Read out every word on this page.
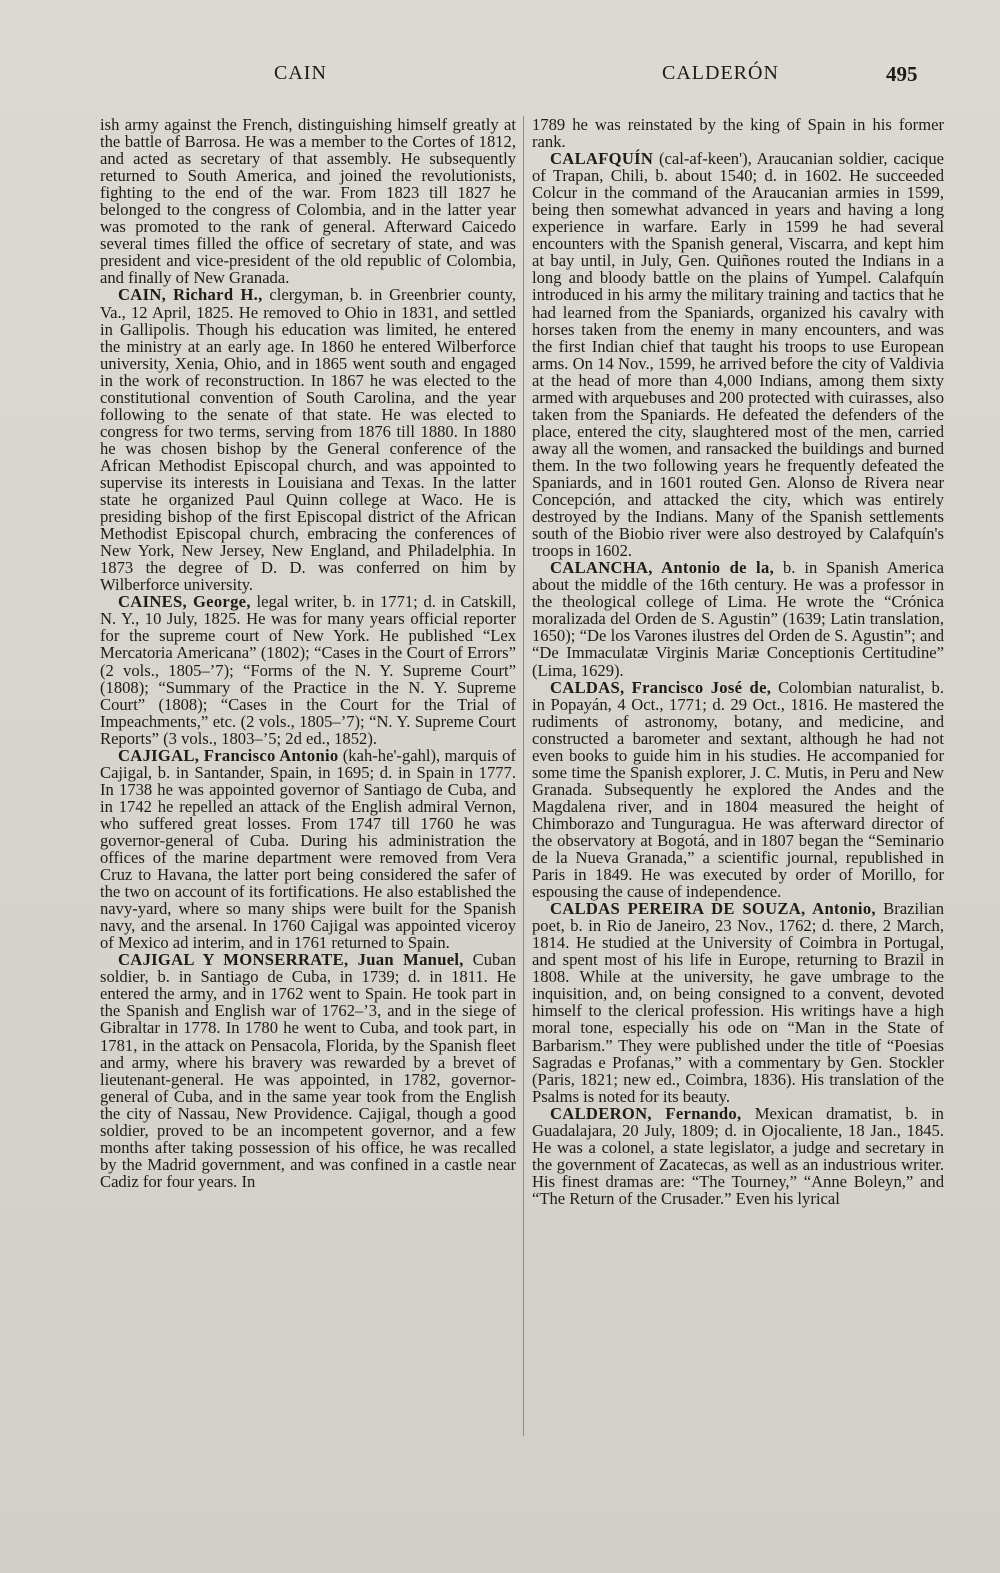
CAIN	CALDERÓN	495

ish army against the French, distinguishing himself greatly at the battle of Barrosa. He was a member to the Cortes of 1812, and acted as secretary of that assembly. He subsequently returned to South America, and joined the revolutionists, fighting to the end of the war. From 1823 till 1827 he belonged to the congress of Colombia, and in the latter year was promoted to the rank of general. Afterward Caicedo several times filled the office of secretary of state, and was president and vice-president of the old republic of Colombia, and finally of New Granada.

CAIN, Richard H., clergyman, b. in Greenbrier county, Va., 12 April, 1825. He removed to Ohio in 1831, and settled in Gallipolis. Though his education was limited, he entered the ministry at an early age. In 1860 he entered Wilberforce university, Xenia, Ohio, and in 1865 went south and engaged in the work of reconstruction. In 1867 he was elected to the constitutional convention of South Carolina, and the year following to the senate of that state. He was elected to congress for two terms, serving from 1876 till 1880. In 1880 he was chosen bishop by the General conference of the African Methodist Episcopal church, and was appointed to supervise its interests in Louisiana and Texas. In the latter state he organized Paul Quinn college at Waco. He is presiding bishop of the first Episcopal district of the African Methodist Episcopal church, embracing the conferences of New York, New Jersey, New England, and Philadelphia. In 1873 the degree of D. D. was conferred on him by Wilberforce university.

CAINES, George, legal writer, b. in 1771; d. in Catskill, N. Y., 10 July, 1825. He was for many years official reporter for the supreme court of New York. He published “Lex Mercatoria Americana” (1802); “Cases in the Court of Errors” (2 vols., 1805–’7); “Forms of the N. Y. Supreme Court” (1808); “Summary of the Practice in the N. Y. Supreme Court” (1808); “Cases in the Court for the Trial of Impeachments,” etc. (2 vols., 1805–’7); “N. Y. Supreme Court Reports” (3 vols., 1803–’5; 2d ed., 1852).

CAJIGAL, Francisco Antonio (kah-he'-gahl), marquis of Cajigal, b. in Santander, Spain, in 1695; d. in Spain in 1777. In 1738 he was appointed governor of Santiago de Cuba, and in 1742 he repelled an attack of the English admiral Vernon, who suffered great losses. From 1747 till 1760 he was governor-general of Cuba. During his administration the offices of the marine department were removed from Vera Cruz to Havana, the latter port being considered the safer of the two on account of its fortifications. He also established the navy-yard, where so many ships were built for the Spanish navy, and the arsenal. In 1760 Cajigal was appointed viceroy of Mexico ad interim, and in 1761 returned to Spain.

CAJIGAL Y MONSERRATE, Juan Manuel, Cuban soldier, b. in Santiago de Cuba, in 1739; d. in 1811. He entered the army, and in 1762 went to Spain. He took part in the Spanish and English war of 1762–’3, and in the siege of Gibraltar in 1778. In 1780 he went to Cuba, and took part, in 1781, in the attack on Pensacola, Florida, by the Spanish fleet and army, where his bravery was rewarded by a brevet of lieutenant-general. He was appointed, in 1782, governor-general of Cuba, and in the same year took from the English the city of Nassau, New Providence. Cajigal, though a good soldier, proved to be an incompetent governor, and a few months after taking possession of his office, he was recalled by the Madrid government, and was confined in a castle near Cadiz for four years. In

1789 he was reinstated by the king of Spain in his former rank.

CALAFQUÍN (cal-af-keen'), Araucanian soldier, cacique of Trapan, Chili, b. about 1540; d. in 1602. He succeeded Colcur in the command of the Araucanian armies in 1599, being then somewhat advanced in years and having a long experience in warfare. Early in 1599 he had several encounters with the Spanish general, Viscarra, and kept him at bay until, in July, Gen. Quiñones routed the Indians in a long and bloody battle on the plains of Yumpel. Calafquín introduced in his army the military training and tactics that he had learned from the Spaniards, organized his cavalry with horses taken from the enemy in many encounters, and was the first Indian chief that taught his troops to use European arms. On 14 Nov., 1599, he arrived before the city of Valdivia at the head of more than 4,000 Indians, among them sixty armed with arquebuses and 200 protected with cuirasses, also taken from the Spaniards. He defeated the defenders of the place, entered the city, slaughtered most of the men, carried away all the women, and ransacked the buildings and burned them. In the two following years he frequently defeated the Spaniards, and in 1601 routed Gen. Alonso de Rivera near Concepción, and attacked the city, which was entirely destroyed by the Indians. Many of the Spanish settlements south of the Biobio river were also destroyed by Calafquín's troops in 1602.

CALANCHA, Antonio de la, b. in Spanish America about the middle of the 16th century. He was a professor in the theological college of Lima. He wrote the “Crónica moralizada del Orden de S. Agustin” (1639; Latin translation, 1650); “De los Varones ilustres del Orden de S. Agustin”; and “De Immaculatæ Virginis Mariæ Conceptionis Certitudine” (Lima, 1629).

CALDAS, Francisco José de, Colombian naturalist, b. in Popayán, 4 Oct., 1771; d. 29 Oct., 1816. He mastered the rudiments of astronomy, botany, and medicine, and constructed a barometer and sextant, although he had not even books to guide him in his studies. He accompanied for some time the Spanish explorer, J. C. Mutis, in Peru and New Granada. Subsequently he explored the Andes and the Magdalena river, and in 1804 measured the height of Chimborazo and Tunguragua. He was afterward director of the observatory at Bogotá, and in 1807 began the “Seminario de la Nueva Granada,” a scientific journal, republished in Paris in 1849. He was executed by order of Morillo, for espousing the cause of independence.

CALDAS PEREIRA DE SOUZA, Antonio, Brazilian poet, b. in Rio de Janeiro, 23 Nov., 1762; d. there, 2 March, 1814. He studied at the University of Coimbra in Portugal, and spent most of his life in Europe, returning to Brazil in 1808. While at the university, he gave umbrage to the inquisition, and, on being consigned to a convent, devoted himself to the clerical profession. His writings have a high moral tone, especially his ode on “Man in the State of Barbarism.” They were published under the title of “Poesias Sagradas e Profanas,” with a commentary by Gen. Stockler (Paris, 1821; new ed., Coimbra, 1836). His translation of the Psalms is noted for its beauty.

CALDERON, Fernando, Mexican dramatist, b. in Guadalajara, 20 July, 1809; d. in Ojocaliente, 18 Jan., 1845. He was a colonel, a state legislator, a judge and secretary in the government of Zacatecas, as well as an industrious writer. His finest dramas are: “The Tourney,” “Anne Boleyn,” and “The Return of the Crusader.” Even his lyrical
